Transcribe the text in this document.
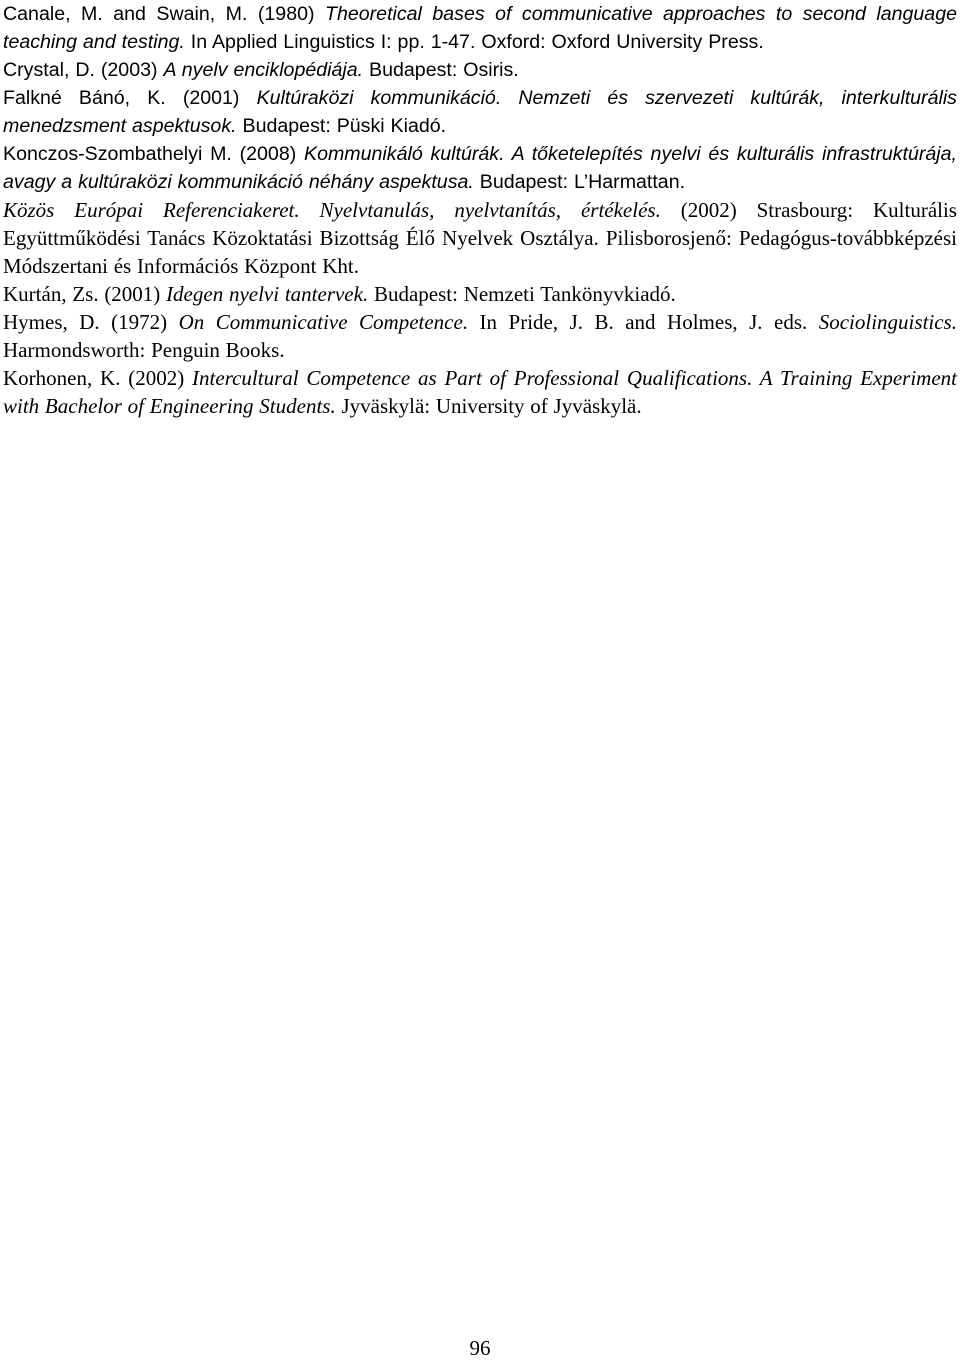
Canale, M. and Swain, M. (1980) Theoretical bases of communicative approaches to second language teaching and testing. In Applied Linguistics I: pp. 1-47. Oxford: Oxford University Press.

Crystal, D. (2003) A nyelv enciklopédiája. Budapest: Osiris.

Falkné Bánó, K. (2001) Kultúraközi kommunikáció. Nemzeti és szervezeti kultúrák, interkulturális menedzsment aspektusok. Budapest: Püski Kiadó.

Konczos-Szombathelyi M. (2008) Kommunikáló kultúrák. A tőketelepítés nyelvi és kulturális infrastruktúrája, avagy a kultúraközi kommunikáció néhány aspektusa. Budapest: L’Harmattan.

Közös Európai Referenciakeret. Nyelvtanulás, nyelvtanítás, értékelés. (2002) Strasbourg: Kulturális Együttműködési Tanács Közoktatási Bizottság Élő Nyelvek Osztálya. Pilisborosjenő: Pedagógus-továbbképzési Módszertani és Információs Központ Kht.

Kurtán, Zs. (2001) Idegen nyelvi tantervek. Budapest: Nemzeti Tankönyvkiadó.

Hymes, D. (1972) On Communicative Competence. In Pride, J. B. and Holmes, J. eds. Sociolinguistics. Harmondsworth: Penguin Books.

Korhonen, K. (2002) Intercultural Competence as Part of Professional Qualifications. A Training Experiment with Bachelor of Engineering Students. Jyväskylä: University of Jyväskylä.

96
